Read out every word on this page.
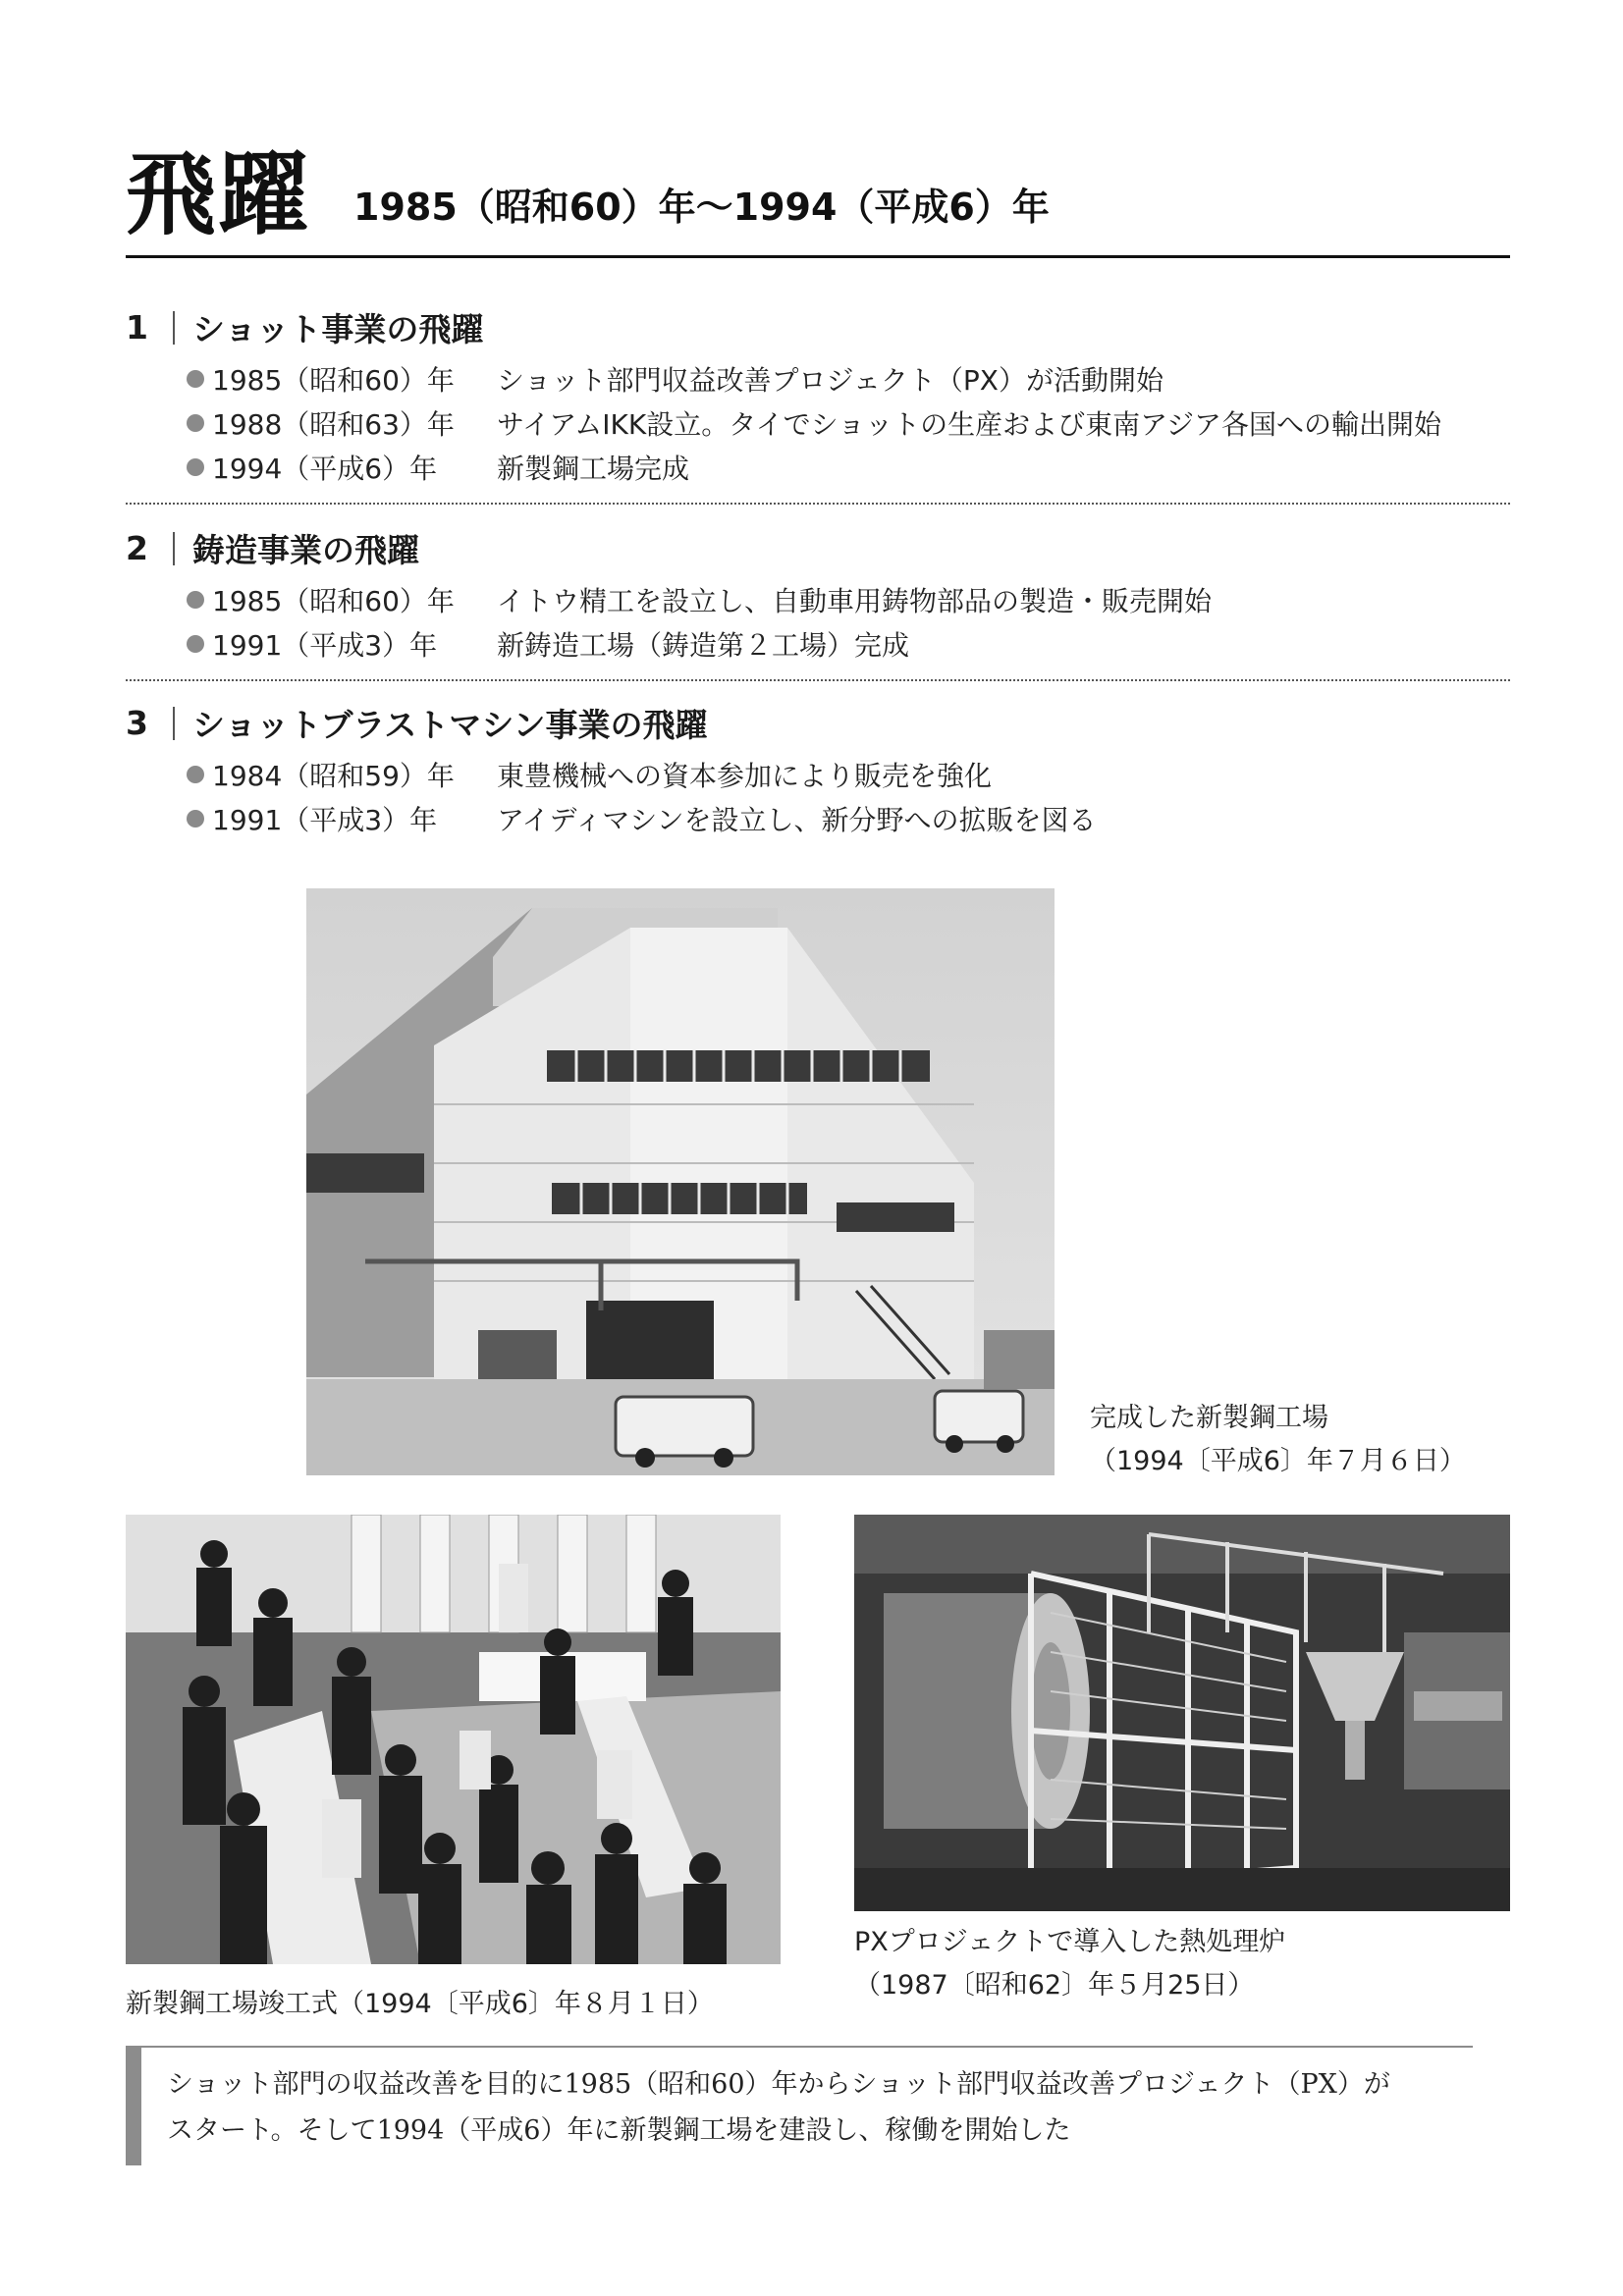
飛躍 1985（昭和60）年〜1994（平成6）年
1	ショット事業の飛躍
1985（昭和60）年	ショット部門収益改善プロジェクト（PX）が活動開始
1988（昭和63）年	サイアムIKK設立。タイでショットの生産および東南アジア各国への輸出開始
1994（平成6）年	新製鋼工場完成
2	鋳造事業の飛躍
1985（昭和60）年	イトウ精工を設立し、自動車用鋳物部品の製造・販売開始
1991（平成3）年	新鋳造工場（鋳造第２工場）完成
3	ショットブラストマシン事業の飛躍
1984（昭和59）年	東豊機械への資本参加により販売を強化
1991（平成3）年	アイディマシンを設立し、新分野への拡販を図る
完成した新製鋼工場
（1994〔平成6〕年７月６日）
新製鋼工場竣工式（1994〔平成6〕年８月１日）
PXプロジェクトで導入した熱処理炉
（1987〔昭和62〕年５月25日）
ショット部門の収益改善を目的に1985（昭和60）年からショット部門収益改善プロジェクト（PX）が
スタート。そして1994（平成6）年に新製鋼工場を建設し、稼働を開始した
